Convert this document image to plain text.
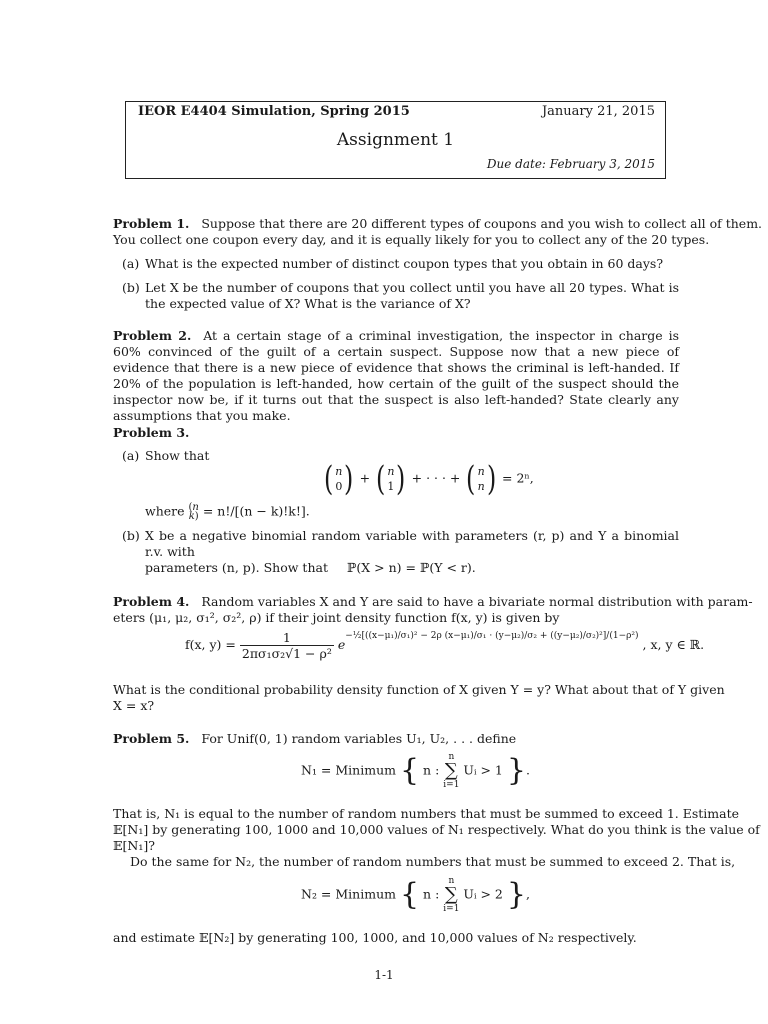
IEOR E4404 Simulation, Spring 2015	January 21, 2015
Assignment 1
Due date: February 3, 2015
Problem 1. Suppose that there are 20 different types of coupons and you wish to collect all of them.
You collect one coupon every day, and it is equally likely for you to collect any of the 20 types.
(a) What is the expected number of distinct coupon types that you obtain in 60 days?
(b) Let X be the number of coupons that you collect until you have all 20 types. What is the expected value of X? What is the variance of X?
Problem 2. At a certain stage of a criminal investigation, the inspector in charge is 60% convinced of the guilt of a certain suspect. Suppose now that a new piece of evidence that there is a new piece of evidence that shows the criminal is left-handed. If 20% of the population is left-handed, how certain of the guilt of the suspect should the inspector now be, if it turns out that the suspect is also left-handed? State clearly any assumptions that you make.
Problem 3.
(a) Show that
( n
0) + ( n
1) + · · · + ( n
n) = 2ⁿ,
where (n
k) = n!/[(n − k)!k!].
(b) X be a negative binomial random variable with parameters (r, p) and Y a binomial r.v. with
parameters (n, p). Show that	ℙ(X > n) = ℙ(Y < r).
Problem 4. Random variables X and Y are said to have a bivariate normal distribution with param-
eters (μ₁, μ₂, σ₁², σ₂², ρ) if their joint density function f(x, y) is given by
f(x, $y) = \frac{1}{\text{2πσ₁σ₂√1 − ρ²}} e^{-\frac{1}{2}[((x-\mu_1)/\sigma_1)^2 - 2\rho (x-\mu_1)/\sigma_1 \cdot (y-\mu_2)/\sigma_2 + ((y-\mu_2)/\sigma_2)^2]/(1-\rho^2)}$ , x, y ∈ ℝ.
What is the conditional probability density function of X given Y = y? What about that of Y given
X = x?
Problem 5. For Unif(0, 1) random variables U₁, U₂, . . . define
N₁ = Minimum { n : n
∑
i=1 Uᵢ > 1 }.
That is, N₁ is equal to the number of random numbers that must be summed to exceed 1. Estimate
𝔼[N₁] by generating 100, 1000 and 10,000 values of N₁ respectively. What do you think is the value of
𝔼[N₁]?
Do the same for N₂, the number of random numbers that must be summed to exceed 2. That is,
N₂ = Minimum { n : n
∑
i=1 Uᵢ > 2 },
and estimate 𝔼[N₂] by generating 100, 1000, and 10,000 values of N₂ respectively.
1-1
